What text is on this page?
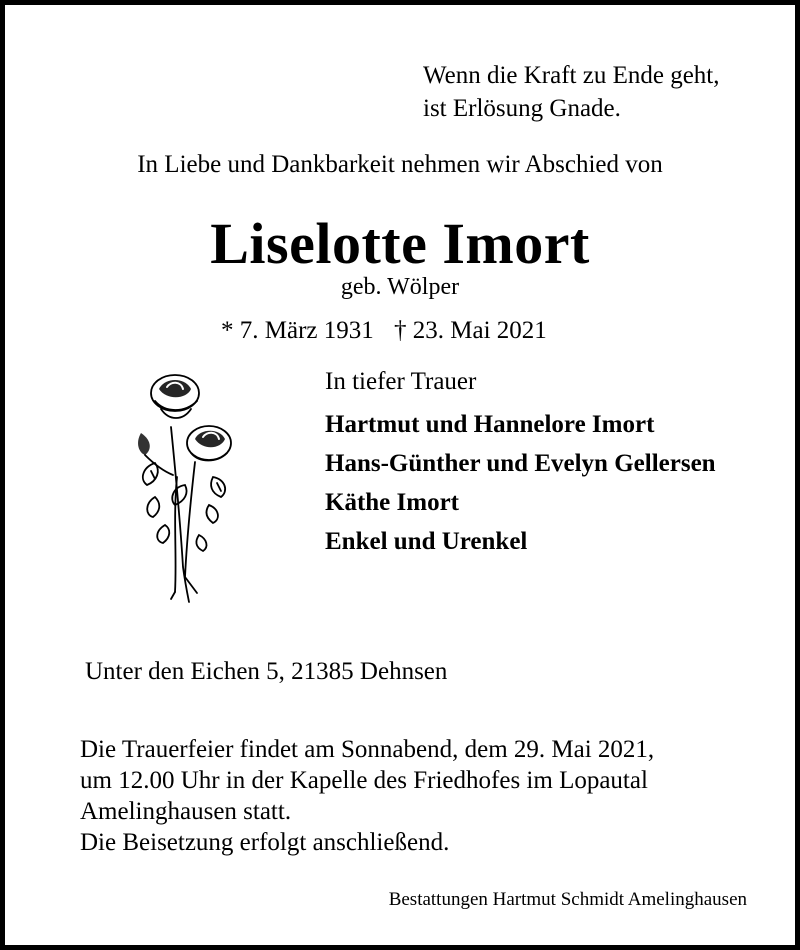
Wenn die Kraft zu Ende geht,
ist Erlösung Gnade.
In Liebe und Dankbarkeit nehmen wir Abschied von
Liselotte Imort
geb. Wölper
* 7. März 1931 † 23. Mai 2021
In tiefer Trauer
Hartmut und Hannelore Imort
Hans-Günther und Evelyn Gellersen
Käthe Imort
Enkel und Urenkel
Unter den Eichen 5, 21385 Dehnsen
Die Trauerfeier findet am Sonnabend, dem 29. Mai 2021,
um 12.00 Uhr in der Kapelle des Friedhofes im Lopautal
Amelinghausen statt.
Die Beisetzung erfolgt anschließend.
Bestattungen Hartmut Schmidt Amelinghausen
